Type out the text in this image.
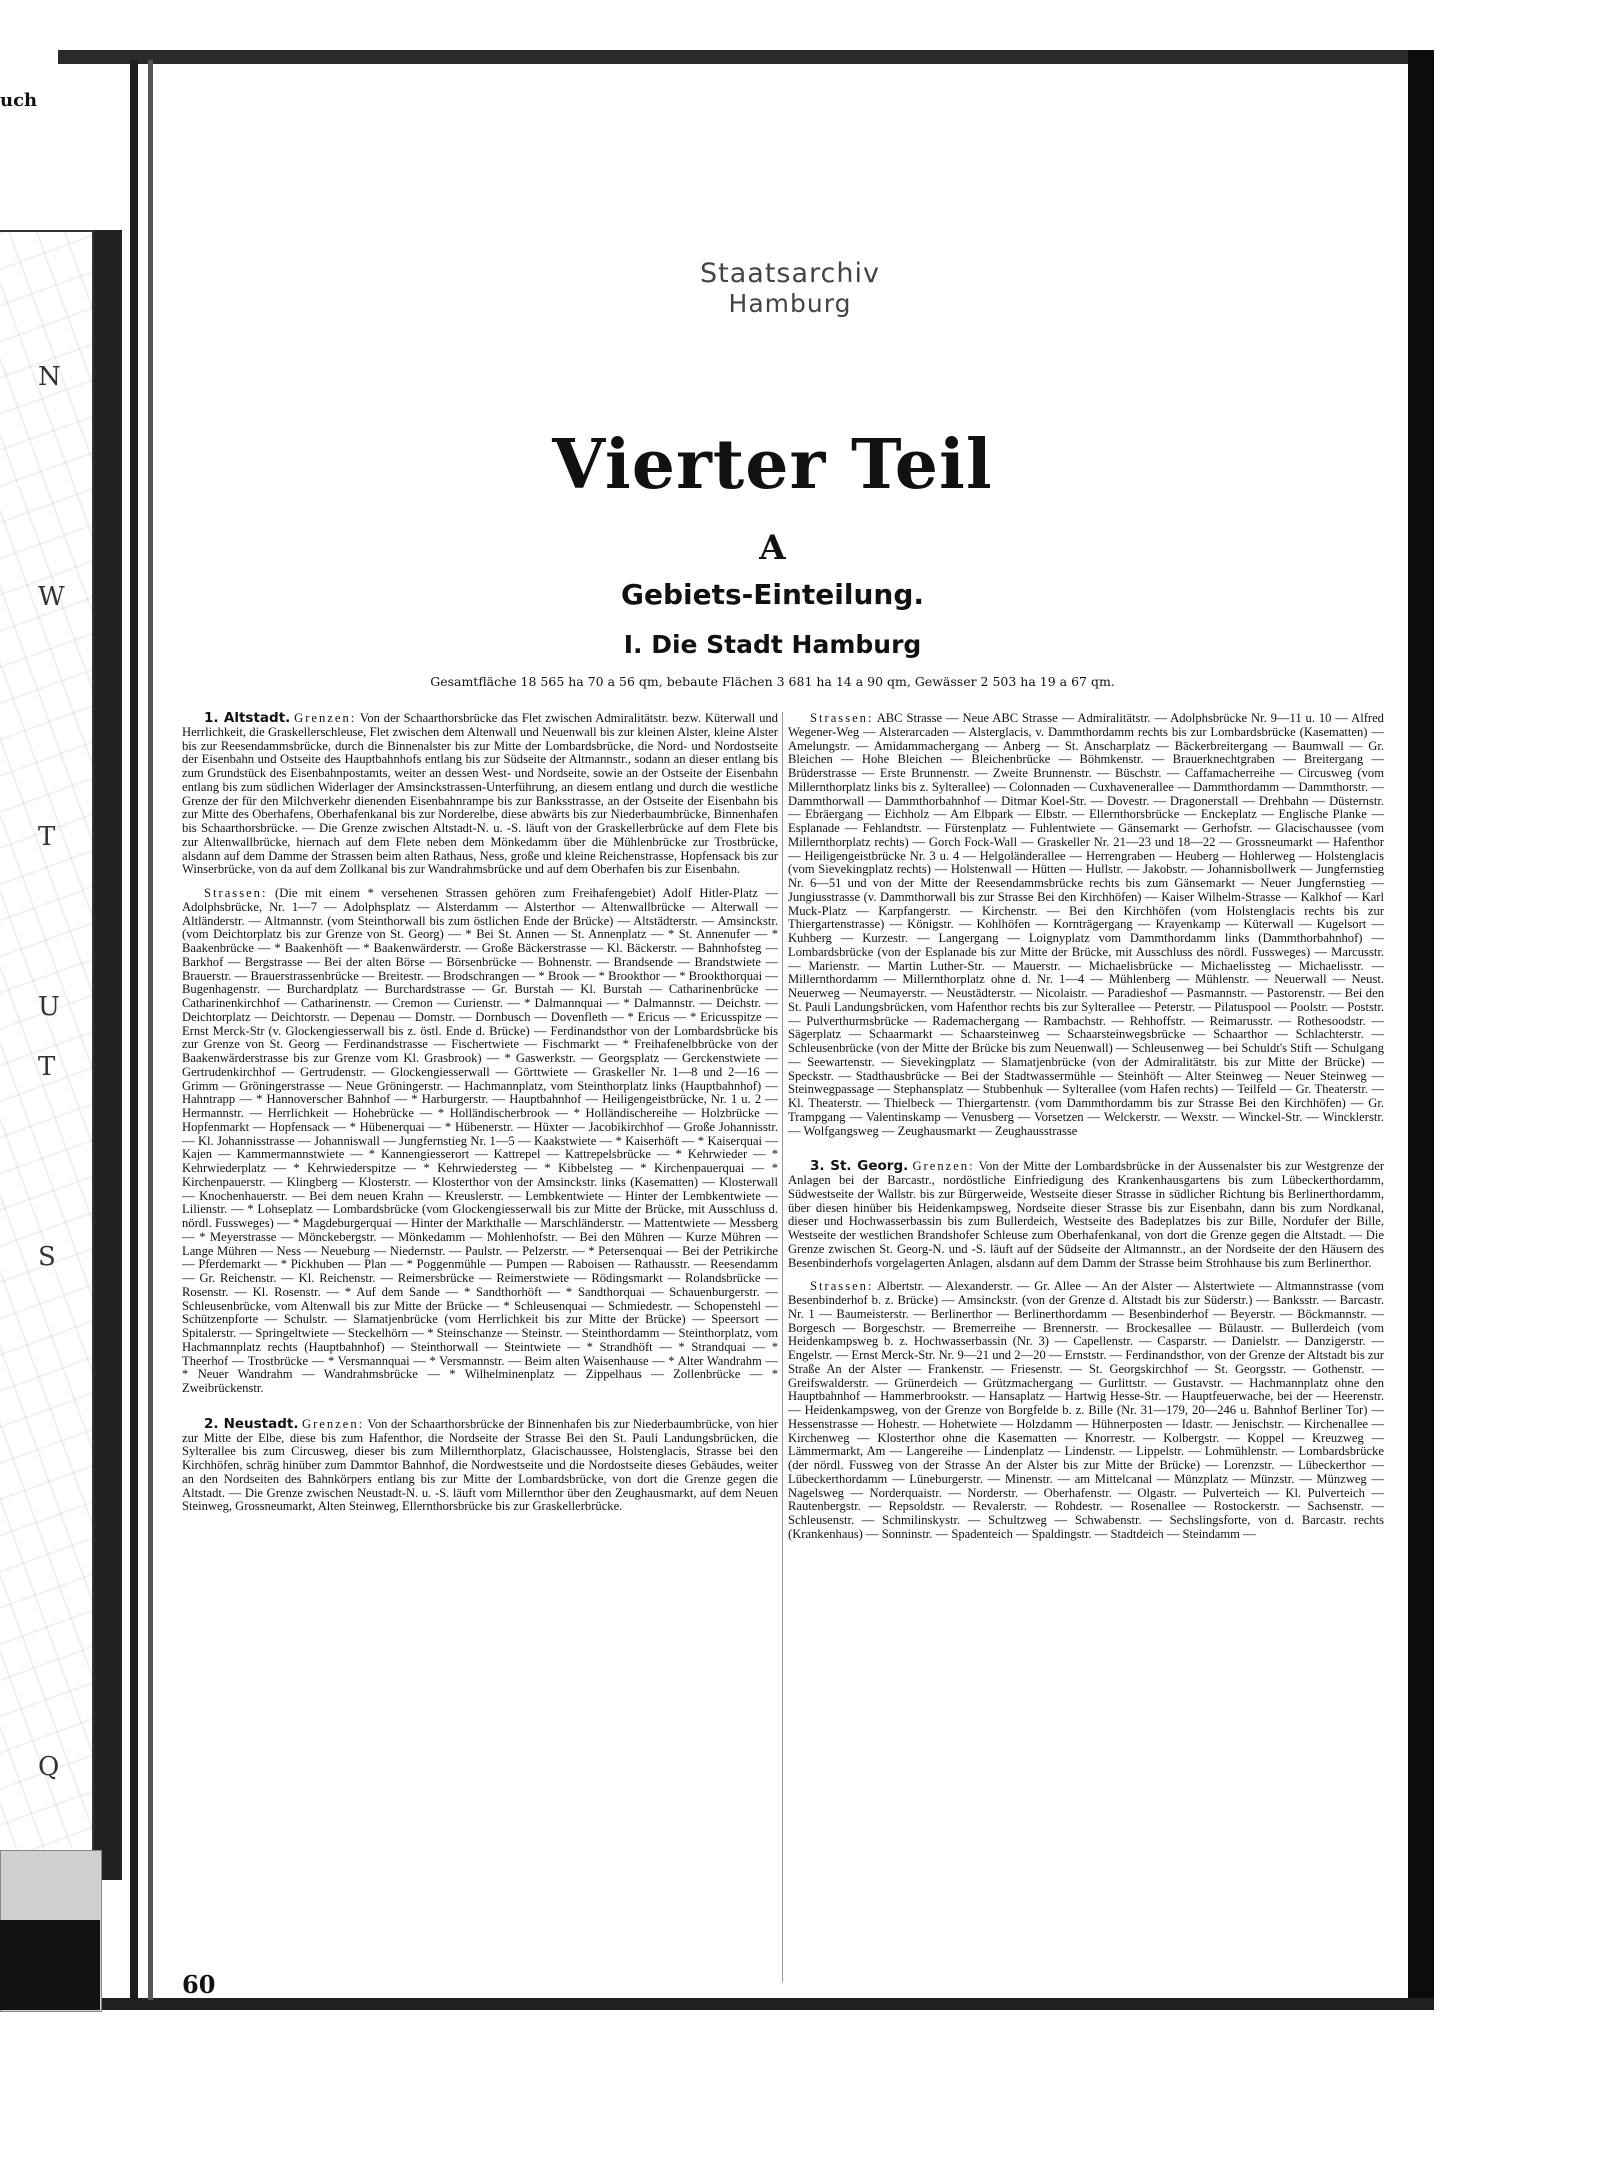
uch
N
W
T
U
T
S
Q
Staatsarchiv
Hamburg
Vierter Teil
A
Gebiets-Einteilung.
I. Die Stadt Hamburg
Gesamtfläche 18 565 ha 70 a 56 qm, bebaute Flächen 3 681 ha 14 a 90 qm, Gewässer 2 503 ha 19 a 67 qm.

1. Altstadt. Grenzen: Von der Schaarthorsbrücke das Flet zwischen Admiralitätstr. bezw. Küterwall und Herrlichkeit, die Graskellerschleuse, Flet zwischen dem Altenwall und Neuenwall bis zur kleinen Alster, kleine Alster bis zur Reesendammsbrücke, durch die Binnenalster bis zur Mitte der Lombardsbrücke, die Nord- und Nordostseite der Eisenbahn und Ostseite des Hauptbahnhofs entlang bis zur Südseite der Altmannstr., sodann an dieser entlang bis zum Grundstück des Eisenbahnpostamts, weiter an dessen West- und Nordseite, sowie an der Ostseite der Eisenbahn entlang bis zum südlichen Widerlager der Amsinckstrassen-Unterführung, an diesem entlang und durch die westliche Grenze der für den Milchverkehr dienenden Eisenbahnrampe bis zur Banksstrasse, an der Ostseite der Eisenbahn bis zur Mitte des Oberhafens, Oberhafenkanal bis zur Norderelbe, diese abwärts bis zur Niederbaumbrücke, Binnenhafen bis Schaarthorsbrücke. — Die Grenze zwischen Altstadt-N. u. -S. läuft von der Graskellerbrücke auf dem Flete bis zur Altenwallbrücke, hiernach auf dem Flete neben dem Mönkedamm über die Mühlenbrücke zur Trostbrücke, alsdann auf dem Damme der Strassen beim alten Rathaus, Ness, große und kleine Reichenstrasse, Hopfensack bis zur Winserbrücke, von da auf dem Zollkanal bis zur Wandrahmsbrücke und auf dem Oberhafen bis zur Eisenbahn.

Strassen: (Die mit einem * versehenen Strassen gehören zum Freihafengebiet) Adolf Hitler-Platz — Adolphsbrücke, Nr. 1—7 — Adolphsplatz — Alsterdamm — Alsterthor — Altenwallbrücke — Alterwall — Altländerstr. — Altmannstr. (vom Steinthorwall bis zum östlichen Ende der Brücke) — Altstädterstr. — Amsinckstr. (vom Deichtorplatz bis zur Grenze von St. Georg) — * Bei St. Annen — St. Annenplatz — * St. Annenufer — * Baakenbrücke — * Baakenhöft — * Baakenwärderstr. — Große Bäckerstrasse — Kl. Bäckerstr. — Bahnhofsteg — Barkhof — Bergstrasse — Bei der alten Börse — Börsenbrücke — Bohnenstr. — Brandsende — Brandstwiete — Brauerstr. — Brauerstrassenbrücke — Breitestr. — Brodschrangen — * Brook — * Brookthor — * Brookthorquai — Bugenhagenstr. — Burchardplatz — Burchardstrasse — Gr. Burstah — Kl. Burstah — Catharinenbrücke — Catharinenkirchhof — Catharinenstr. — Cremon — Curienstr. — * Dalmannquai — * Dalmannstr. — Deichstr. — Deichtorplatz — Deichtorstr. — Depenau — Domstr. — Dornbusch — Dovenfleth — * Ericus — * Ericusspitze — Ernst Merck-Str (v. Glockengiesserwall bis z. östl. Ende d. Brücke) — Ferdinandsthor von der Lombardsbrücke bis zur Grenze von St. Georg — Ferdinandstrasse — Fischertwiete — Fischmarkt — * Freihafenelbbrücke von der Baakenwärderstrasse bis zur Grenze vom Kl. Grasbrook) — * Gaswerkstr. — Georgsplatz — Gerckenstwiete — Gertrudenkirchhof — Gertrudenstr. — Glockengiesserwall — Görttwiete — Graskeller Nr. 1—8 und 2—16 — Grimm — Gröningerstrasse — Neue Gröningerstr. — Hachmannplatz, vom Steinthorplatz links (Hauptbahnhof) — Hahntrapp — * Hannoverscher Bahnhof — * Harburgerstr. — Hauptbahnhof — Heiligengeistbrücke, Nr. 1 u. 2 — Hermannstr. — Herrlichkeit — Hohebrücke — * Holländischerbrook — * Holländischereihe — Holzbrücke — Hopfenmarkt — Hopfensack — * Hübenerquai — * Hübenerstr. — Hüxter — Jacobikirchhof — Große Johannisstr. — Kl. Johannisstrasse — Johanniswall — Jungfernstieg Nr. 1—5 — Kaakstwiete — * Kaiserhöft — * Kaiserquai — Kajen — Kammermannstwiete — * Kannengiesserort — Kattrepel — Kattrepelsbrücke — * Kehrwieder — * Kehrwiederplatz — * Kehrwiederspitze — * Kehrwiedersteg — * Kibbelsteg — * Kirchenpauerquai — * Kirchenpauerstr. — Klingberg — Klosterstr. — Klosterthor von der Amsinckstr. links (Kasematten) — Klosterwall — Knochenhauerstr. — Bei dem neuen Krahn — Kreuslerstr. — Lembkentwiete — Hinter der Lembkentwiete — Lilienstr. — * Lohseplatz — Lombardsbrücke (vom Glockengiesserwall bis zur Mitte der Brücke, mit Ausschluss d. nördl. Fussweges) — * Magdeburgerquai — Hinter der Markthalle — Marschländerstr. — Mattentwiete — Messberg — * Meyerstrasse — Mönckebergstr. — Mönkedamm — Mohlenhofstr. — Bei den Mühren — Kurze Mühren — Lange Mühren — Ness — Neueburg — Niedernstr. — Paulstr. — Pelzerstr. — * Petersenquai — Bei der Petrikirche — Pferdemarkt — * Pickhuben — Plan — * Poggenmühle — Pumpen — Raboisen — Rathausstr. — Reesendamm — Gr. Reichenstr. — Kl. Reichenstr. — Reimersbrücke — Reimerstwiete — Rödingsmarkt — Rolandsbrücke — Rosenstr. — Kl. Rosenstr. — * Auf dem Sande — * Sandthorhöft — * Sandthorquai — Schauenburgerstr. — Schleusenbrücke, vom Altenwall bis zur Mitte der Brücke — * Schleusenquai — Schmiedestr. — Schopenstehl — Schützenpforte — Schulstr. — Slamatjenbrücke (vom Herrlichkeit bis zur Mitte der Brücke) — Speersort — Spitalerstr. — Springeltwiete — Steckelhörn — * Steinschanze — Steinstr. — Steinthordamm — Steinthorplatz, vom Hachmannplatz rechts (Hauptbahnhof) — Steinthorwall — Steintwiete — * Strandhöft — * Strandquai — * Theerhof — Trostbrücke — * Versmannquai — * Versmannstr. — Beim alten Waisenhause — * Alter Wandrahm — * Neuer Wandrahm — Wandrahmsbrücke — * Wilhelminenplatz — Zippelhaus — Zollenbrücke — * Zweibrückenstr.

2. Neustadt. Grenzen: Von der Schaarthorsbrücke der Binnenhafen bis zur Niederbaumbrücke, von hier zur Mitte der Elbe, diese bis zum Hafenthor, die Nordseite der Strasse Bei den St. Pauli Landungsbrücken, die Sylterallee bis zum Circusweg, dieser bis zum Millernthorplatz, Glacischaussee, Holstenglacis, Strasse bei den Kirchhöfen, schräg hinüber zum Dammtor Bahnhof, die Nordwestseite und die Nordostseite dieses Gebäudes, weiter an den Nordseiten des Bahnkörpers entlang bis zur Mitte der Lombardsbrücke, von dort die Grenze gegen die Altstadt. — Die Grenze zwischen Neustadt-N. u. -S. läuft vom Millernthor über den Zeughausmarkt, auf dem Neuen Steinweg, Grossneumarkt, Alten Steinweg, Ellernthorsbrücke bis zur Graskellerbrücke.

Strassen: ABC Strasse — Neue ABC Strasse — Admiralitätstr. — Adolphsbrücke Nr. 9—11 u. 10 — Alfred Wegener-Weg — Alsterarcaden — Alsterglacis, v. Dammthordamm rechts bis zur Lombardsbrücke (Kasematten) — Amelungstr. — Amidammachergang — Anberg — St. Anscharplatz — Bäckerbreitergang — Baumwall — Gr. Bleichen — Hohe Bleichen — Bleichenbrücke — Böhmkenstr. — Brauerknechtgraben — Breitergang — Brüderstrasse — Erste Brunnenstr. — Zweite Brunnenstr. — Büschstr. — Caffamacherreihe — Circusweg (vom Millernthorplatz links bis z. Sylterallee) — Colonnaden — Cuxhavenerallee — Dammthordamm — Dammthorstr. — Dammthorwall — Dammthorbahnhof — Ditmar Koel-Str. — Dovestr. — Dragonerstall — Drehbahn — Düsternstr. — Ebräergang — Eichholz — Am Elbpark — Elbstr. — Ellernthorsbrücke — Enckeplatz — Englische Planke — Esplanade — Fehlandtstr. — Fürstenplatz — Fuhlentwiete — Gänsemarkt — Gerhofstr. — Glacischaussee (vom Millernthorplatz rechts) — Gorch Fock-Wall — Graskeller Nr. 21—23 und 18—22 — Grossneumarkt — Hafenthor — Heiligengeistbrücke Nr. 3 u. 4 — Helgoländerallee — Herrengraben — Heuberg — Hohlerweg — Holstenglacis (vom Sievekingplatz rechts) — Holstenwall — Hütten — Hullstr. — Jakobstr. — Johannisbollwerk — Jungfernstieg Nr. 6—51 und von der Mitte der Reesendammsbrücke rechts bis zum Gänsemarkt — Neuer Jungfernstieg — Jungiusstrasse (v. Dammthorwall bis zur Strasse Bei den Kirchhöfen) — Kaiser Wilhelm-Strasse — Kalkhof — Karl Muck-Platz — Karpfangerstr. — Kirchenstr. — Bei den Kirchhöfen (vom Holstenglacis rechts bis zur Thiergartenstrasse) — Königstr. — Kohlhöfen — Kornträgergang — Krayenkamp — Küterwall — Kugelsort — Kuhberg — Kurzestr. — Langergang — Loignyplatz vom Dammthordamm links (Dammthorbahnhof) — Lombardsbrücke (von der Esplanade bis zur Mitte der Brücke, mit Ausschluss des nördl. Fussweges) — Marcusstr. — Marienstr. — Martin Luther-Str. — Mauerstr. — Michaelisbrücke — Michaelissteg — Michaelisstr. — Millernthordamm — Millernthorplatz ohne d. Nr. 1—4 — Mühlenberg — Mühlenstr. — Neuerwall — Neust. Neuerweg — Neumayerstr. — Neustädterstr. — Nicolaistr. — Paradieshof — Pasmannstr. — Pastorenstr. — Bei den St. Pauli Landungsbrücken, vom Hafenthor rechts bis zur Sylterallee — Peterstr. — Pilatuspool — Poolstr. — Poststr. — Pulverthurmsbrücke — Rademachergang — Rambachstr. — Rehhoffstr. — Reimarusstr. — Rothesoodstr. — Sägerplatz — Schaarmarkt — Schaarsteinweg — Schaarsteinwegsbrücke — Schaarthor — Schlachterstr. — Schleusenbrücke (von der Mitte der Brücke bis zum Neuenwall) — Schleusenweg — bei Schuldt's Stift — Schulgang — Seewartenstr. — Sievekingplatz — Slamatjenbrücke (von der Admiralitätstr. bis zur Mitte der Brücke) — Speckstr. — Stadthausbrücke — Bei der Stadtwassermühle — Steinhöft — Alter Steinweg — Neuer Steinweg — Steinwegpassage — Stephansplatz — Stubbenhuk — Sylterallee (vom Hafen rechts) — Teilfeld — Gr. Theaterstr. — Kl. Theaterstr. — Thielbeck — Thiergartenstr. (vom Dammthordamm bis zur Strasse Bei den Kirchhöfen) — Gr. Trampgang — Valentinskamp — Venusberg — Vorsetzen — Welckerstr. — Wexstr. — Winckel-Str. — Wincklerstr. — Wolfgangsweg — Zeughausmarkt — Zeughausstrasse

3. St. Georg. Grenzen: Von der Mitte der Lombardsbrücke in der Aussenalster bis zur Westgrenze der Anlagen bei der Barcastr., nordöstliche Einfriedigung des Krankenhausgartens bis zum Lübeckerthordamm, Südwestseite der Wallstr. bis zur Bürgerweide, Westseite dieser Strasse in südlicher Richtung bis Berlinerthordamm, über diesen hinüber bis Heidenkampsweg, Nordseite dieser Strasse bis zur Eisenbahn, dann bis zum Nordkanal, dieser und Hochwasserbassin bis zum Bullerdeich, Westseite des Badeplatzes bis zur Bille, Nordufer der Bille, Westseite der westlichen Brandshofer Schleuse zum Oberhafenkanal, von dort die Grenze gegen die Altstadt. — Die Grenze zwischen St. Georg-N. und -S. läuft auf der Südseite der Altmannstr., an der Nordseite der den Häusern des Besenbinderhofs vorgelagerten Anlagen, alsdann auf dem Damm der Strasse beim Strohhause bis zum Berlinerthor.

Strassen: Albertstr. — Alexanderstr. — Gr. Allee — An der Alster — Alstertwiete — Altmannstrasse (vom Besenbinderhof b. z. Brücke) — Amsinckstr. (von der Grenze d. Altstadt bis zur Süderstr.) — Banksstr. — Barcastr. Nr. 1 — Baumeisterstr. — Berlinerthor — Berlinerthordamm — Besenbinderhof — Beyerstr. — Böckmannstr. — Borgesch — Borgeschstr. — Bremerreihe — Brennerstr. — Brockesallee — Bülaustr. — Bullerdeich (vom Heidenkampsweg b. z. Hochwasserbassin (Nr. 3) — Capellenstr. — Casparstr. — Danielstr. — Danzigerstr. — Engelstr. — Ernst Merck-Str. Nr. 9—21 und 2—20 — Ernststr. — Ferdinandsthor, von der Grenze der Altstadt bis zur Straße An der Alster — Frankenstr. — Friesenstr. — St. Georgskirchhof — St. Georgsstr. — Gothenstr. — Greifswalderstr. — Grünerdeich — Grützmachergang — Gurlittstr. — Gustavstr. — Hachmannplatz ohne den Hauptbahnhof — Hammerbrookstr. — Hansaplatz — Hartwig Hesse-Str. — Hauptfeuerwache, bei der — Heerenstr. — Heidenkampsweg, von der Grenze von Borgfelde b. z. Bille (Nr. 31—179, 20—246 u. Bahnhof Berliner Tor) — Hessenstrasse — Hohestr. — Hohetwiete — Holzdamm — Hühnerposten — Idastr. — Jenischstr. — Kirchenallee — Kirchenweg — Klosterthor ohne die Kasematten — Knorrestr. — Kolbergstr. — Koppel — Kreuzweg — Lämmermarkt, Am — Langereihe — Lindenplatz — Lindenstr. — Lippelstr. — Lohmühlenstr. — Lombardsbrücke (der nördl. Fussweg von der Strasse An der Alster bis zur Mitte der Brücke) — Lorenzstr. — Lübeckerthor — Lübeckerthordamm — Lüneburgerstr. — Minenstr. — am Mittelcanal — Münzplatz — Münzstr. — Münzweg — Nagelsweg — Norderquaistr. — Norderstr. — Oberhafenstr. — Olgastr. — Pulverteich — Kl. Pulverteich — Rautenbergstr. — Repsoldstr. — Revalerstr. — Rohdestr. — Rosenallee — Rostockerstr. — Sachsenstr. — Schleusenstr. — Schmilinskystr. — Schultzweg — Schwabenstr. — Sechslingsforte, von d. Barcastr. rechts (Krankenhaus) — Sonninstr. — Spadenteich — Spaldingstr. — Stadtdeich — Steindamm —

60
